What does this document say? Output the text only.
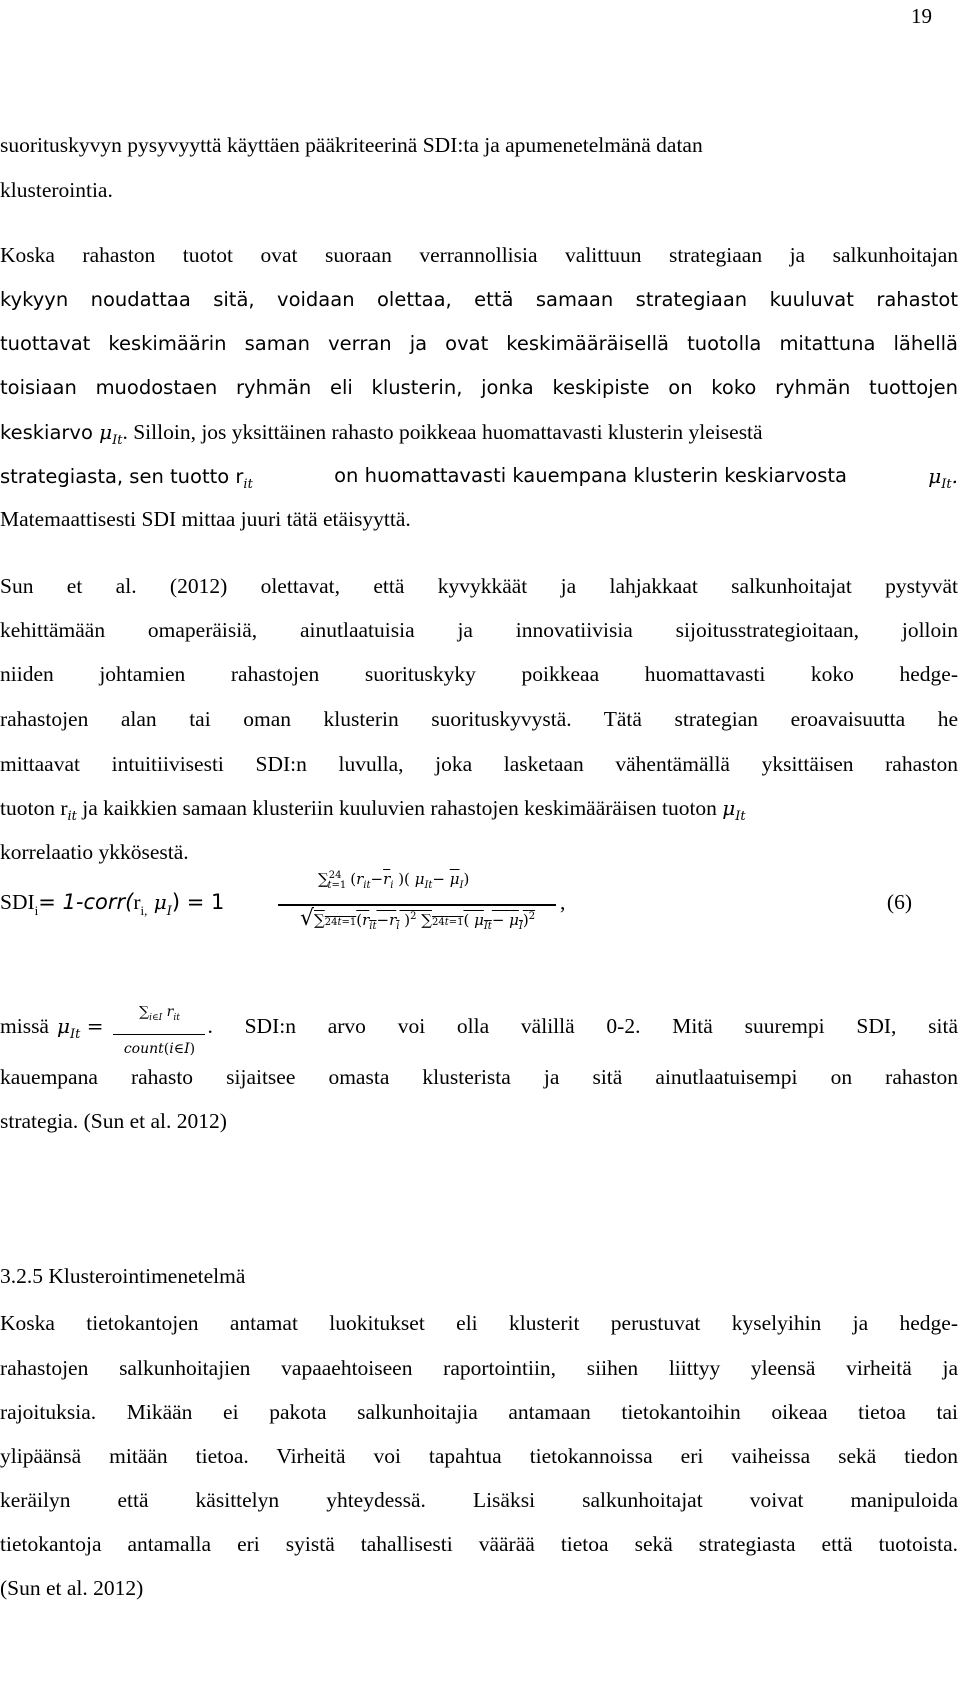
19
suorituskyvyn pysyvyyttä käyttäen pääkriteerinä SDI:ta ja apumenetelmänä datan
klusterointia.
Koska rahaston tuotot ovat suoraan verrannollisia valittuun strategiaan ja salkunhoitajan
kykyyn noudattaa sitä, voidaan olettaa, että samaan strategiaan kuuluvat rahastot
tuottavat keskimäärin saman verran ja ovat keskimääräisellä tuotolla mitattuna lähellä
toisiaan muodostaen ryhmän eli klusterin, jonka keskipiste on koko ryhmän tuottojen
keskiarvo $\mu_{It}$. Silloin, jos yksittäinen rahasto poikkeaa huomattavasti klusterin yleisestä
strategiasta, sen tuotto $r_{it}$	on huomattavasti kauempana klusterin keskiarvosta	$\mu_{It}$.
Matemaattisesti SDI mittaa juuri tätä etäisyyttä.
Sun et al. (2012) olettavat, että kyvykkäät ja lahjakkaat salkunhoitajat pystyvät
kehittämään omaperäisiä, ainutlaatuisia ja innovatiivisia sijoitusstrategioitaan, jolloin
niiden johtamien rahastojen suorituskyky poikkeaa huomattavasti koko hedge-
rahastojen alan tai oman klusterin suorituskyvystä. Tätä strategian eroavaisuutta he
mittaavat intuitiivisesti SDI:n luvulla, joka lasketaan vähentämällä yksittäisen rahaston
tuoton $r_{it}$ ja kaikkien samaan klusteriin kuuluvien rahastojen keskimääräisen tuoton $\mu_{It}$
korrelaatio ykkösestä.
$SDI_i=$ $1-corr(r_{i,}$ $\mu_I) = 1$
∑$^{24}_{t=1}$ ($r_{it}-\overline{r}_i$ )( $\mu_{It}- \overline{\mu}_I$)
$√\sum 24t=1(r_{it}-r_i$ )$^2$ ∑24t=1( $\mu_{It}- \mu_I)^2$
,	(6)
missä $\mu_{It}$ =
$\sum_{i\in I}$ $r_{it}$
count(i∈I)
. SDI:n arvo voi olla välillä 0-2. Mitä suurempi SDI, sitä
kauempana rahasto sijaitsee omasta klusterista ja sitä ainutlaatuisempi on rahaston
strategia. (Sun et al. 2012)
3.2.5 Klusterointimenetelmä
Koska tietokantojen antamat luokitukset eli klusterit perustuvat kyselyihin ja hedge-
rahastojen salkunhoitajien vapaaehtoiseen raportointiin, siihen liittyy yleensä virheitä ja
rajoituksia. Mikään ei pakota salkunhoitajia antamaan tietokantoihin oikeaa tietoa tai
ylipäänsä mitään tietoa. Virheitä voi tapahtua tietokannoissa eri vaiheissa sekä tiedon
keräilyn että käsittelyn yhteydessä. Lisäksi salkunhoitajat voivat manipuloida
tietokantoja antamalla eri syistä tahallisesti väärää tietoa sekä strategiasta että tuotoista.
(Sun et al. 2012)
